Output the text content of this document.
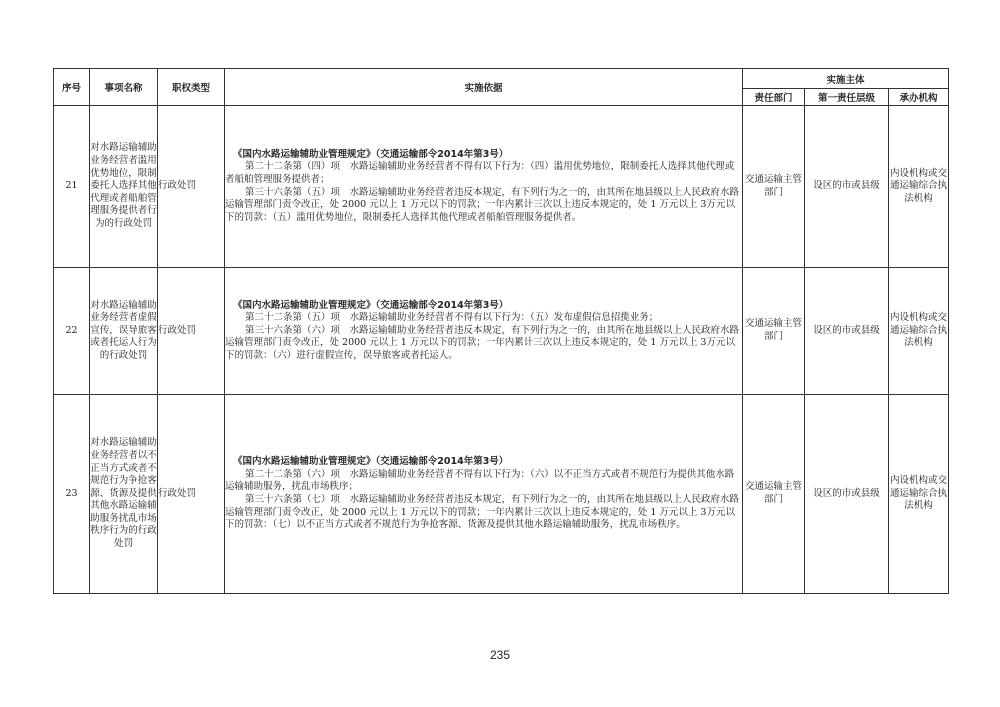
序号	事项名称	职权类型	实施依据	实施主体		
				责任部门	第一责任层级	承办机构
21	对水路运输辅助业务经营者滥用优势地位，限制委托人选择其他代理或者船舶管理服务提供者行为的行政处罚	行政处罚	《国内水路运输辅助业管理规定》（交通运输部令2014年第3号）

第二十二条第（四）项　水路运输辅助业务经营者不得有以下行为：（四）滥用优势地位，限制委托人选择其他代理或者船舶管理服务提供者；

第三十六条第（五）项　水路运输辅助业务经营者违反本规定，有下列行为之一的，由其所在地县级以上人民政府水路运输管理部门责令改正，处 2000 元以上 1 万元以下的罚款；一年内累计三次以上违反本规定的，处 1 万元以上 3万元以下的罚款：（五）滥用优势地位，限制委托人选择其他代理或者船舶管理服务提供者。	交通运输主管部门	设区的市或县级	内设机构或交通运输综合执法机构
22	对水路运输辅助业务经营者虚假宣传，误导旅客或者托运人行为的行政处罚	行政处罚	《国内水路运输辅助业管理规定》（交通运输部令2014年第3号）

第二十二条第（五）项　水路运输辅助业务经营者不得有以下行为：（五）发布虚假信息招揽业务；

第三十六条第（六）项　水路运输辅助业务经营者违反本规定，有下列行为之一的，由其所在地县级以上人民政府水路运输管理部门责令改正，处 2000 元以上 1 万元以下的罚款；一年内累计三次以上违反本规定的，处 1 万元以上 3万元以下的罚款：（六）进行虚假宣传，误导旅客或者托运人。	交通运输主管部门	设区的市或县级	内设机构或交通运输综合执法机构
23	对水路运输辅助业务经营者以不正当方式或者不规范行为争抢客源、货源及提供其他水路运输辅助服务扰乱市场秩序行为的行政处罚	行政处罚	《国内水路运输辅助业管理规定》（交通运输部令2014年第3号）

第二十二条第（六）项　水路运输辅助业务经营者不得有以下行为：（六）以不正当方式或者不规范行为提供其他水路运输辅助服务，扰乱市场秩序；

第三十六条第（七）项　水路运输辅助业务经营者违反本规定，有下列行为之一的，由其所在地县级以上人民政府水路运输管理部门责令改正，处 2000 元以上 1 万元以下的罚款；一年内累计三次以上违反本规定的，处 1 万元以上 3万元以下的罚款：（七）以不正当方式或者不规范行为争抢客源、货源及提供其他水路运输辅助服务，扰乱市场秩序。	交通运输主管部门	设区的市或县级	内设机构或交通运输综合执法机构
235
